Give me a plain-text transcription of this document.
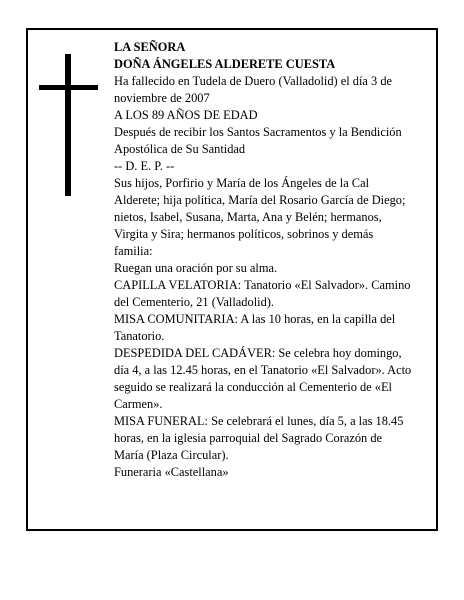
LA SEÑORA

DOÑA ÁNGELES ALDERETE CUESTA

Ha fallecido en Tudela de Duero (Valladolid) el día 3 de noviembre de 2007

A LOS 89 AÑOS DE EDAD

Después de recibir los Santos Sacramentos y la Bendición Apostólica de Su Santidad

-- D. E. P. --

Sus hijos, Porfirio y María de los Ángeles de la Cal Alderete; hija política, María del Rosario García de Diego; nietos, Isabel, Susana, Marta, Ana y Belén; hermanos, Virgita y Sira; hermanos políticos, sobrinos y demás familia:

Ruegan una oración por su alma.

CAPILLA VELATORIA: Tanatorio «El Salvador». Camino del Cementerio, 21 (Valladolid).

MISA COMUNITARIA: A las 10 horas, en la capilla del Tanatorio.

DESPEDIDA DEL CADÁVER: Se celebra hoy domingo, día 4, a las 12.45 horas, en el Tanatorio «El Salvador». Acto seguido se realizará la conducción al Cementerio de «El Carmen».

MISA FUNERAL: Se celebrará el lunes, día 5, a las 18.45 horas, en la iglesia parroquial del Sagrado Corazón de María (Plaza Circular).

Funeraria «Castellana»
